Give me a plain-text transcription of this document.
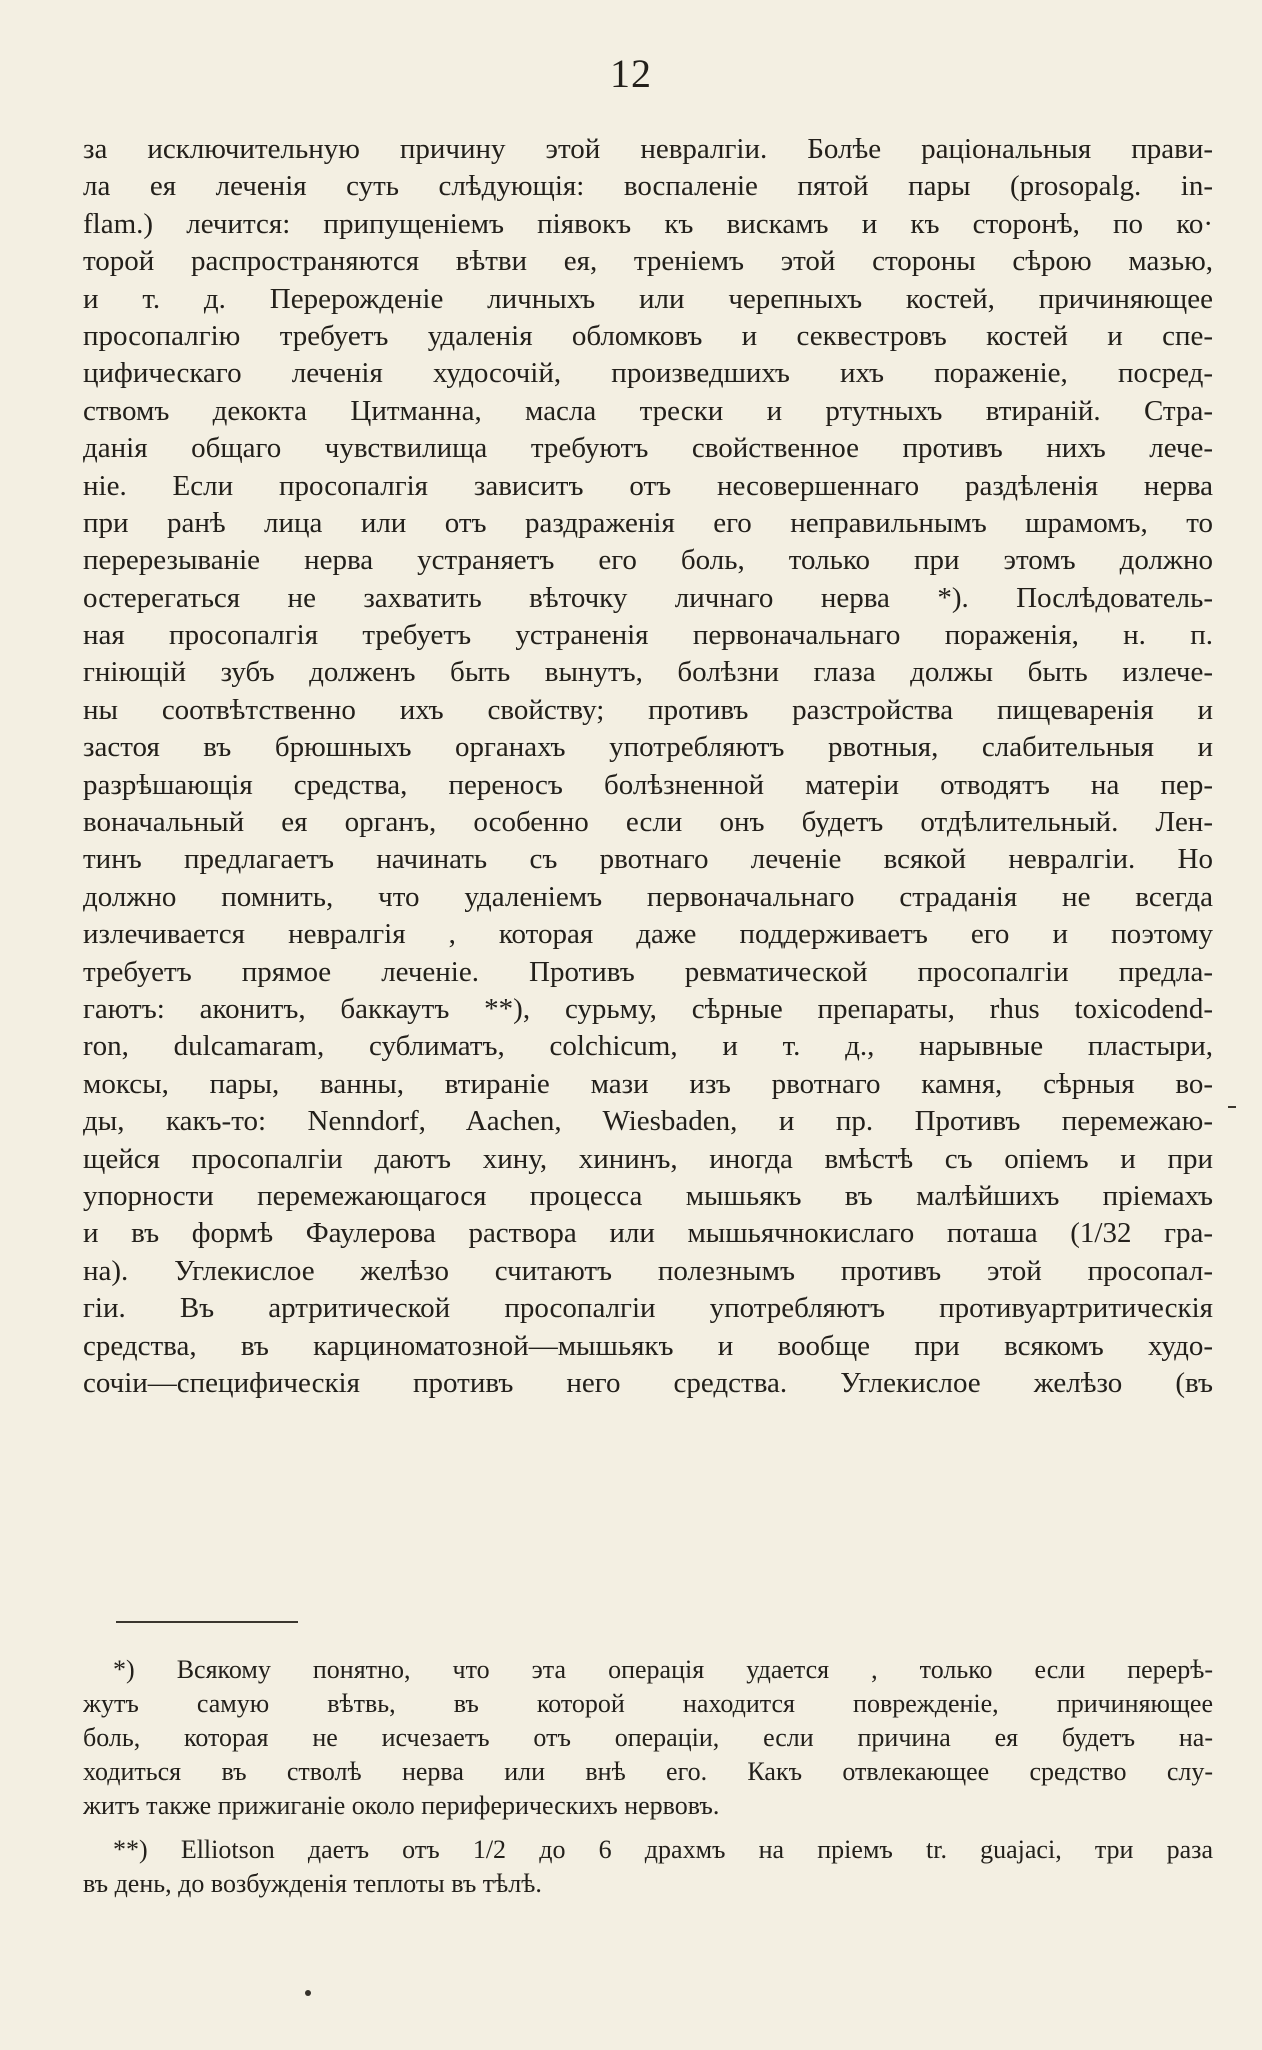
12
за исключительную причину этой невралгіи. Болѣе раціональныя прави-
ла ея леченія суть слѣдующія: воспаленіе пятой пары (prosopalg. in-
flam.) лечится: припущеніемъ піявокъ къ вискамъ и къ сторонѣ, по ко·
торой распространяются вѣтви ея, треніемъ этой стороны сѣрою мазью,
и т. д. Перерожденіе личныхъ или черепныхъ костей, причиняющее
просопалгію требуетъ удаленія обломковъ и секвестровъ костей и спе-
цифическаго леченія худосочій, произведшихъ ихъ пораженіе, посред-
ствомъ декокта Цитманна, масла трески и ртутныхъ втираній. Стра-
данія общаго чувствилища требуютъ свойственное противъ нихъ лече-
ніе. Если просопалгія зависитъ отъ несовершеннаго раздѣленія нерва
при ранѣ лица или отъ раздраженія его неправильнымъ шрамомъ, то
перерезываніе нерва устраняетъ его боль, только при этомъ должно
остерегаться не захватить вѣточку личнаго нерва *). Послѣдователь-
ная просопалгія требуетъ устраненія первоначальнаго пораженія, н. п.
гніющій зубъ долженъ быть вынутъ, болѣзни глаза должы быть излече-
ны соотвѣтственно ихъ свойству; противъ разстройства пищеваренія и
застоя въ брюшныхъ органахъ употребляютъ рвотныя, слабительныя и
разрѣшающія средства, переносъ болѣзненной матеріи отводятъ на пер-
воначальный ея органъ, особенно если онъ будетъ отдѣлительный. Лен-
тинъ предлагаетъ начинать съ рвотнаго леченіе всякой невралгіи. Но
должно помнить, что удаленіемъ первоначальнаго страданія не всегда
излечивается невралгія , которая даже поддерживаетъ его и поэтому
требуетъ прямое леченіе. Противъ ревматической просопалгіи предла-
гаютъ: аконитъ, баккаутъ **), сурьму, сѣрные препараты, rhus toxicodend-
ron, dulcamaram, сублиматъ, colchicum, и т. д., нарывные пластыри,
моксы, пары, ванны, втираніе мази изъ рвотнаго камня, сѣрныя во-
ды, какъ-то: Nenndorf, Aachen, Wiesbaden, и пр. Противъ перемежаю-
щейся просопалгіи даютъ хину, хининъ, иногда вмѣстѣ съ опіемъ и при
упорности перемежающагося процесса мышьякъ въ малѣйшихъ пріемахъ
и въ формѣ Фаулерова раствора или мышьячнокислаго поташа (1/32 гра-
на). Углекислое желѣзо считаютъ полезнымъ противъ этой просопал-
гіи. Въ артритической просопалгіи употребляютъ противуартритическія
средства, въ карциноматозной—мышьякъ и вообще при всякомъ худо-
сочіи—специфическія противъ него средства. Углекислое желѣзо (въ
*) Всякому понятно, что эта операція удается , только если перерѣ-
жутъ самую вѣтвь, въ которой находится поврежденіе, причиняющее
боль, которая не исчезаетъ отъ операціи, если причина ея будетъ на-
ходиться въ стволѣ нерва или внѣ его. Какъ отвлекающее средство слу-
житъ также прижиганіе около периферическихъ нервовъ.
**) Elliotson даетъ отъ 1/2 до 6 драхмъ на пріемъ tr. guajaci, три раза
въ день, до возбужденія теплоты въ тѣлѣ.
